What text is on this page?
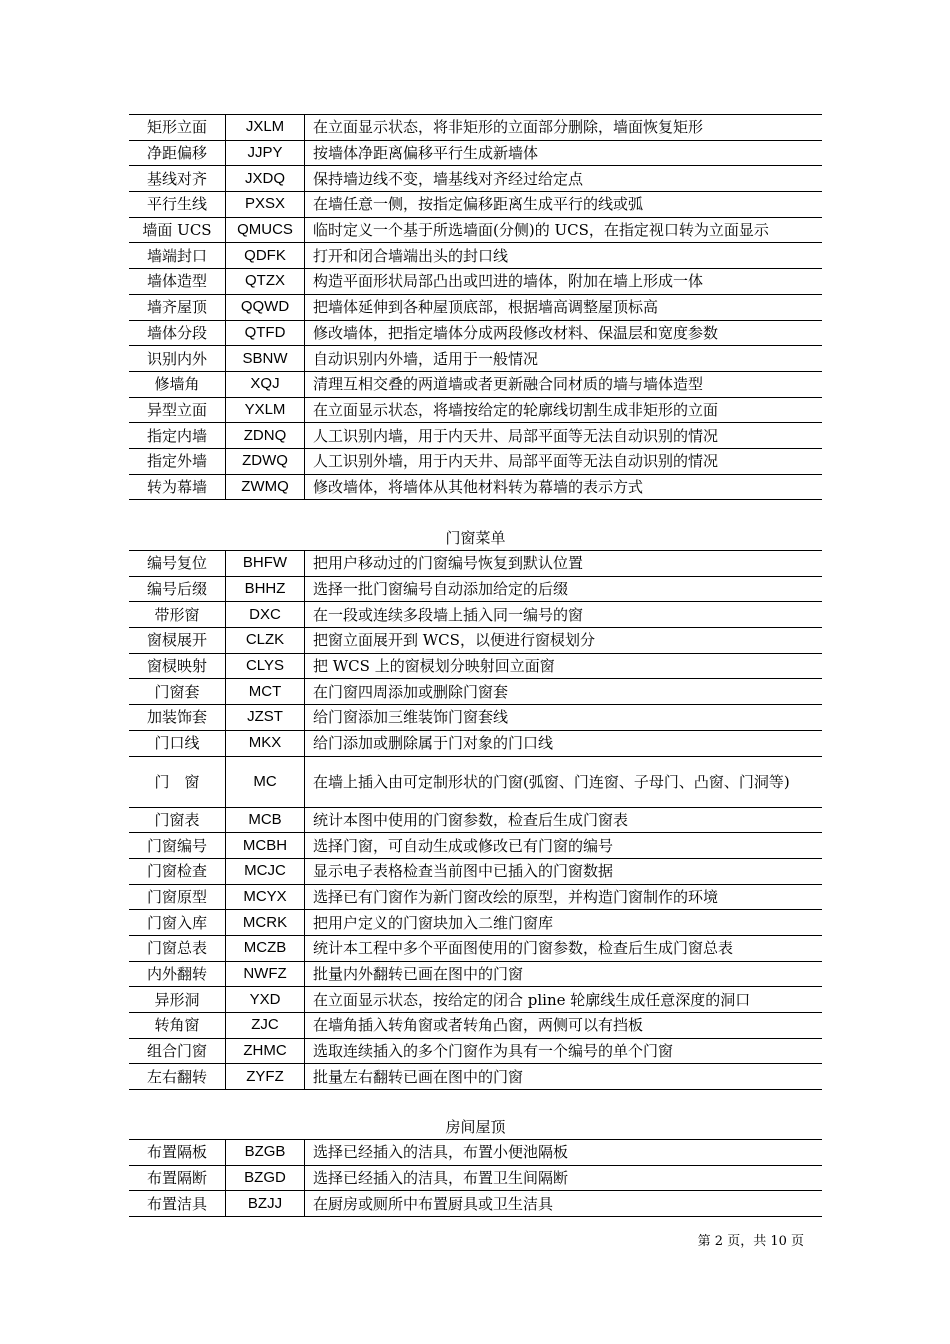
矩形立面	JXLM	在立面显示状态，将非矩形的立面部分删除，墙面恢复矩形
净距偏移	JJPY	按墙体净距离偏移平行生成新墙体
基线对齐	JXDQ	保持墙边线不变，墙基线对齐经过给定点
平行生线	PXSX	在墙任意一侧，按指定偏移距离生成平行的线或弧
墙面 UCS	QMUCS	临时定义一个基于所选墙面(分侧)的 UCS，在指定视口转为立面显示
墙端封口	QDFK	打开和闭合墙端出头的封口线
墙体造型	QTZX	构造平面形状局部凸出或凹进的墙体，附加在墙上形成一体
墙齐屋顶	QQWD	把墙体延伸到各种屋顶底部，根据墙高调整屋顶标高
墙体分段	QTFD	修改墙体，把指定墙体分成两段修改材料、保温层和宽度参数
识别内外	SBNW	自动识别内外墙，适用于一般情况
修墙角	XQJ	清理互相交叠的两道墙或者更新融合同材质的墙与墙体造型
异型立面	YXLM	在立面显示状态，将墙按给定的轮廓线切割生成非矩形的立面
指定内墙	ZDNQ	人工识别内墙，用于内天井、局部平面等无法自动识别的情况
指定外墙	ZDWQ	人工识别外墙，用于内天井、局部平面等无法自动识别的情况
转为幕墙	ZWMQ	修改墙体，将墙体从其他材料转为幕墙的表示方式
门窗菜单
编号复位	BHFW	把用户移动过的门窗编号恢复到默认位置
编号后缀	BHHZ	选择一批门窗编号自动添加给定的后缀
带形窗	DXC	在一段或连续多段墙上插入同一编号的窗
窗棂展开	CLZK	把窗立面展开到 WCS，以便进行窗棂划分
窗棂映射	CLYS	把 WCS 上的窗棂划分映射回立面窗
门窗套	MCT	在门窗四周添加或删除门窗套
加装饰套	JZST	给门窗添加三维装饰门窗套线
门口线	MKX	给门添加或删除属于门对象的门口线
门　窗	MC	在墙上插入由可定制形状的门窗(弧窗、门连窗、子母门、凸窗、门洞等)
门窗表	MCB	统计本图中使用的门窗参数，检查后生成门窗表
门窗编号	MCBH	选择门窗，可自动生成或修改已有门窗的编号
门窗检查	MCJC	显示电子表格检查当前图中已插入的门窗数据
门窗原型	MCYX	选择已有门窗作为新门窗改绘的原型，并构造门窗制作的环境
门窗入库	MCRK	把用户定义的门窗块加入二维门窗库
门窗总表	MCZB	统计本工程中多个平面图使用的门窗参数，检查后生成门窗总表
内外翻转	NWFZ	批量内外翻转已画在图中的门窗
异形洞	YXD	在立面显示状态，按给定的闭合 pline 轮廓线生成任意深度的洞口
转角窗	ZJC	在墙角插入转角窗或者转角凸窗，两侧可以有挡板
组合门窗	ZHMC	选取连续插入的多个门窗作为具有一个编号的单个门窗
左右翻转	ZYFZ	批量左右翻转已画在图中的门窗
房间屋顶
布置隔板	BZGB	选择已经插入的洁具，布置小便池隔板
布置隔断	BZGD	选择已经插入的洁具，布置卫生间隔断
布置洁具	BZJJ	在厨房或厕所中布置厨具或卫生洁具
第 2 页，共 10 页
